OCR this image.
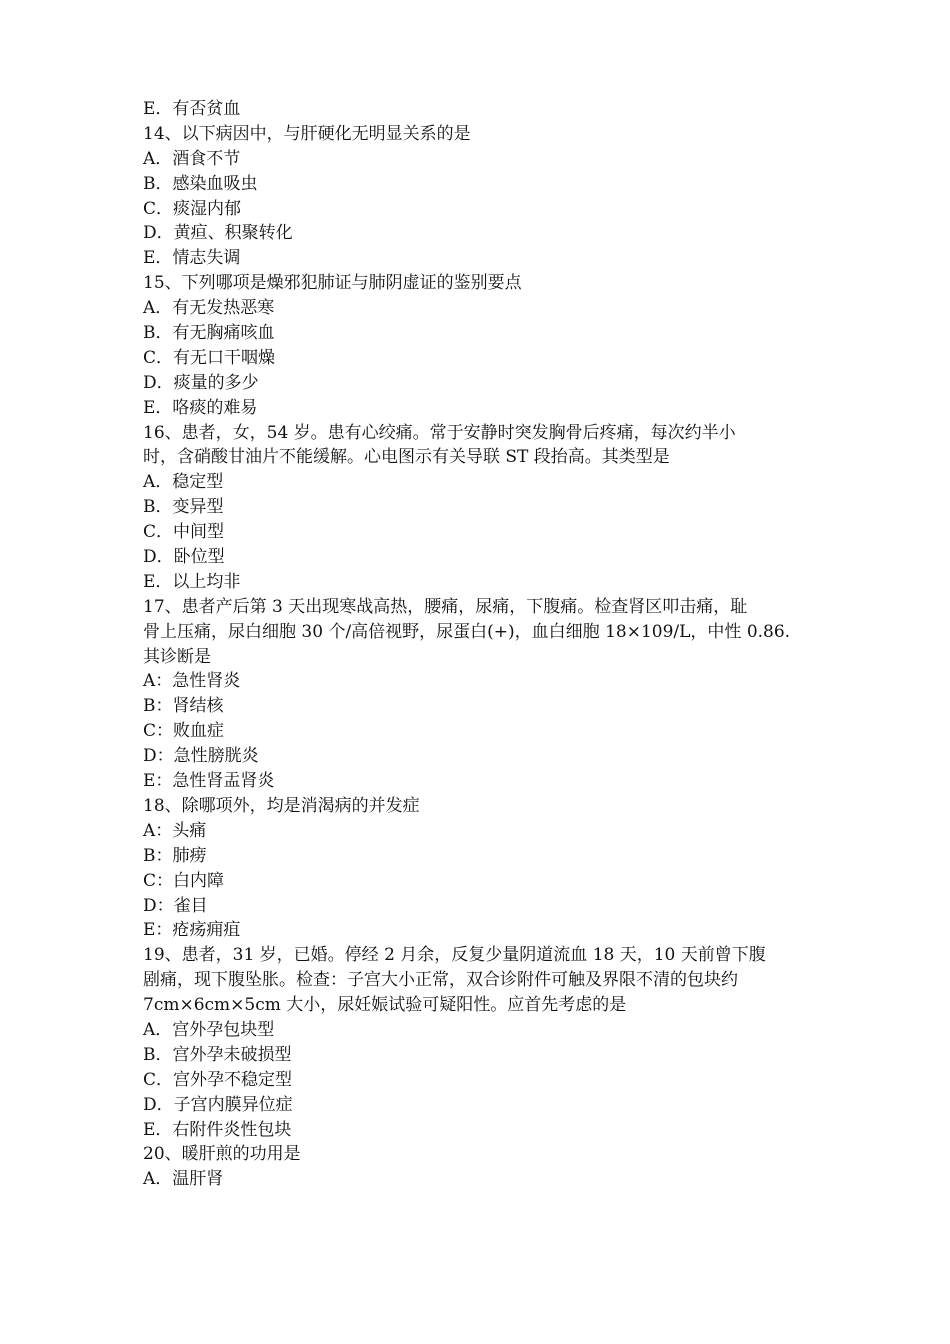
E．有否贫血
14、以下病因中，与肝硬化无明显关系的是
A．酒食不节
B．感染血吸虫
C．痰湿内郁
D．黄疸、积聚转化
E．情志失调
15、下列哪项是燥邪犯肺证与肺阴虚证的鉴别要点
A．有无发热恶寒
B．有无胸痛咳血
C．有无口干咽燥
D．痰量的多少
E．咯痰的难易
16、患者，女，54 岁。患有心绞痛。常于安静时突发胸骨后疼痛，每次约半小
时，含硝酸甘油片不能缓解。心电图示有关导联 ST 段抬高。其类型是
A．稳定型
B．变异型
C．中间型
D．卧位型
E．以上均非
17、患者产后第 3 天出现寒战高热，腰痛，尿痛，下腹痛。检查肾区叩击痛，耻
骨上压痛，尿白细胞 30 个/高倍视野，尿蛋白(+)，血白细胞 18×109/L，中性 0.86.
其诊断是
A：急性肾炎
B：肾结核
C：败血症
D：急性膀胱炎
E：急性肾盂肾炎
18、除哪项外，均是消渴病的并发症
A：头痛
B：肺痨
C：白内障
D：雀目
E：疮疡痈疽
19、患者，31 岁，已婚。停经 2 月余，反复少量阴道流血 18 天，10 天前曾下腹
剧痛，现下腹坠胀。检查：子宫大小正常，双合诊附件可触及界限不清的包块约
7cm×6cm×5cm 大小，尿妊娠试验可疑阳性。应首先考虑的是
A．宫外孕包块型
B．宫外孕未破损型
C．宫外孕不稳定型
D．子宫内膜异位症
E．右附件炎性包块
20、暖肝煎的功用是
A．温肝肾
